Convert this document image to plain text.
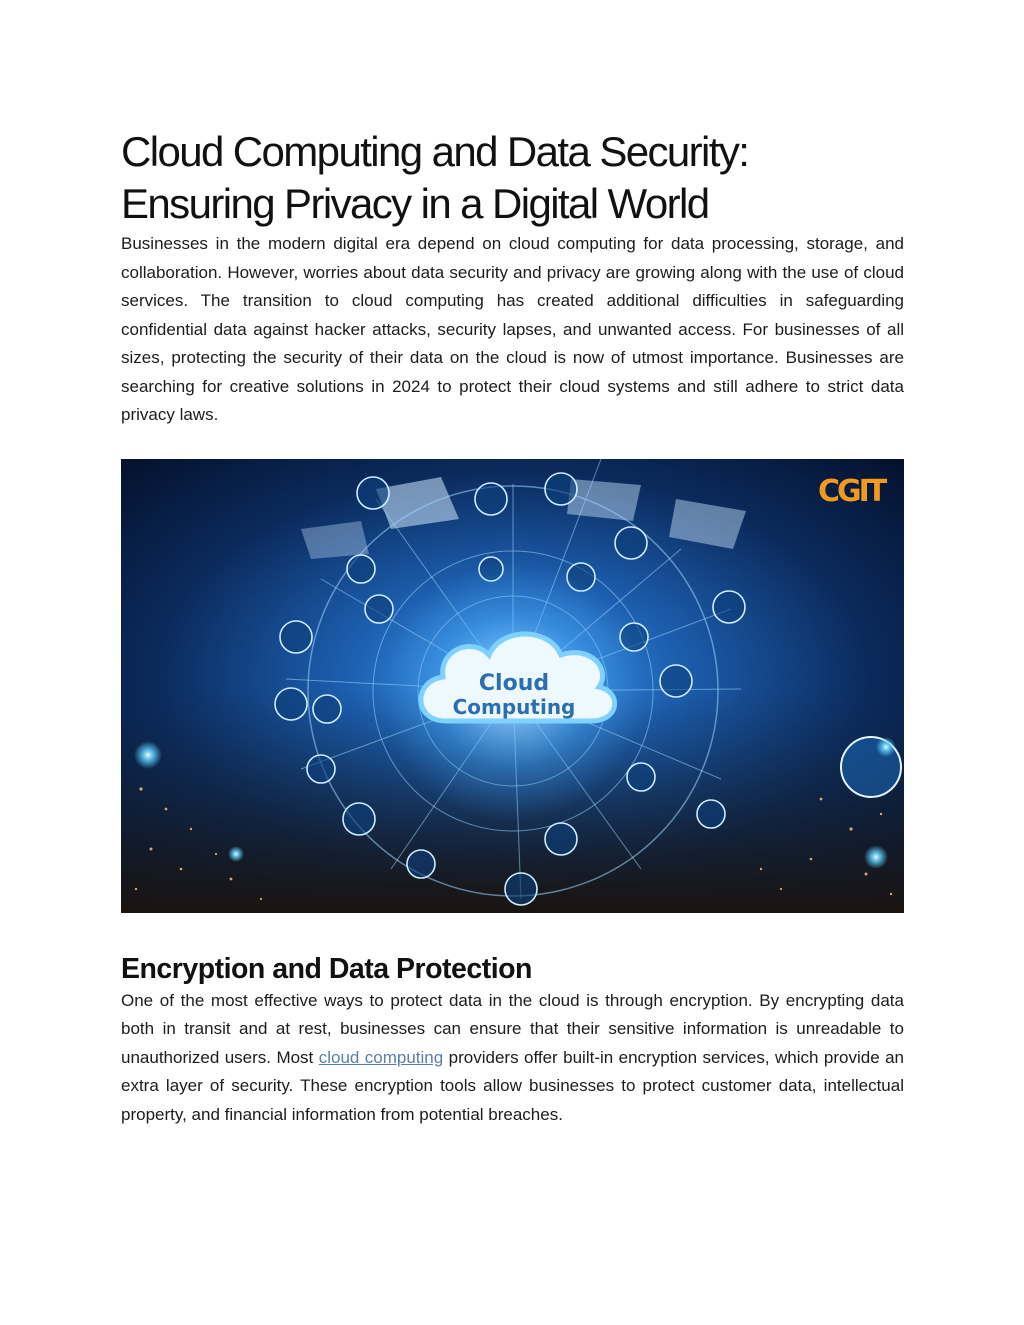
Cloud Computing and Data Security:
Ensuring Privacy in a Digital World

Businesses in the modern digital era depend on cloud computing for data processing, storage, and collaboration. However, worries about data security and privacy are growing along with the use of cloud services. The transition to cloud computing has created additional difficulties in safeguarding confidential data against hacker attacks, security lapses, and unwanted access. For businesses of all sizes, protecting the security of their data on the cloud is now of utmost importance. Businesses are searching for creative solutions in 2024 to protect their cloud systems and still adhere to strict data privacy laws.

Cloud
Computing
CGIT
Encryption and Data Protection

One of the most effective ways to protect data in the cloud is through encryption. By encrypting data both in transit and at rest, businesses can ensure that their sensitive information is unreadable to unauthorized users. Most cloud computing providers offer built-in encryption services, which provide an extra layer of security. These encryption tools allow businesses to protect customer data, intellectual property, and financial information from potential breaches.
